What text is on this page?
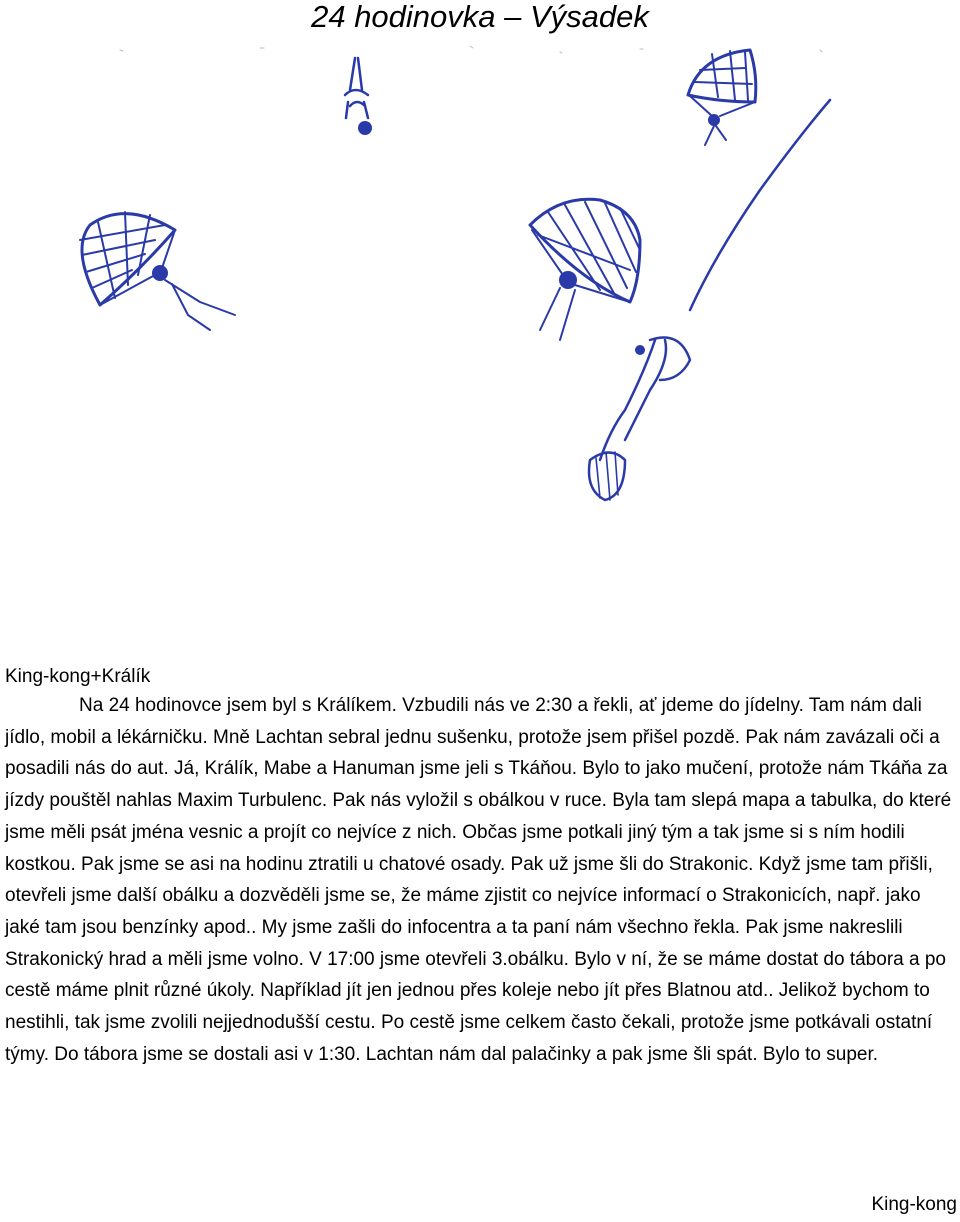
24 hodinovka – Výsadek
King-kong+Králík

Na 24 hodinovce jsem byl s Králíkem. Vzbudili nás ve 2:30 a řekli, ať jdeme do jídelny. Tam nám dali jídlo, mobil a lékárničku. Mně Lachtan sebral jednu sušenku, protože jsem přišel pozdě. Pak nám zavázali oči a posadili nás do aut. Já, Králík, Mabe a Hanuman jsme jeli s Tkáňou. Bylo to jako mučení, protože nám Tkáňa za jízdy pouštěl nahlas Maxim Turbulenc. Pak nás vyložil s obálkou v ruce. Byla tam slepá mapa a tabulka, do které jsme měli psát jména vesnic a projít co nejvíce z nich. Občas jsme potkali jiný tým a tak jsme si s ním hodili kostkou. Pak jsme se asi na hodinu ztratili u chatové osady. Pak už jsme šli do Strakonic. Když jsme tam přišli, otevřeli jsme další obálku a dozvěděli jsme se, že máme zjistit co nejvíce informací o Strakonicích, např. jako jaké tam jsou benzínky apod.. My jsme zašli do infocentra a ta paní nám všechno řekla. Pak jsme nakreslili Strakonický hrad a měli jsme volno. V 17:00 jsme otevřeli 3.obálku. Bylo v ní, že se máme dostat do tábora a po cestě máme plnit různé úkoly. Například jít jen jednou přes koleje nebo jít přes Blatnou atd.. Jelikož bychom to nestihli, tak jsme zvolili nejjednodušší cestu. Po cestě jsme celkem často čekali, protože jsme potkávali ostatní týmy. Do tábora jsme se dostali asi v 1:30. Lachtan nám dal palačinky a pak jsme šli spát. Bylo to super.

King-kong
